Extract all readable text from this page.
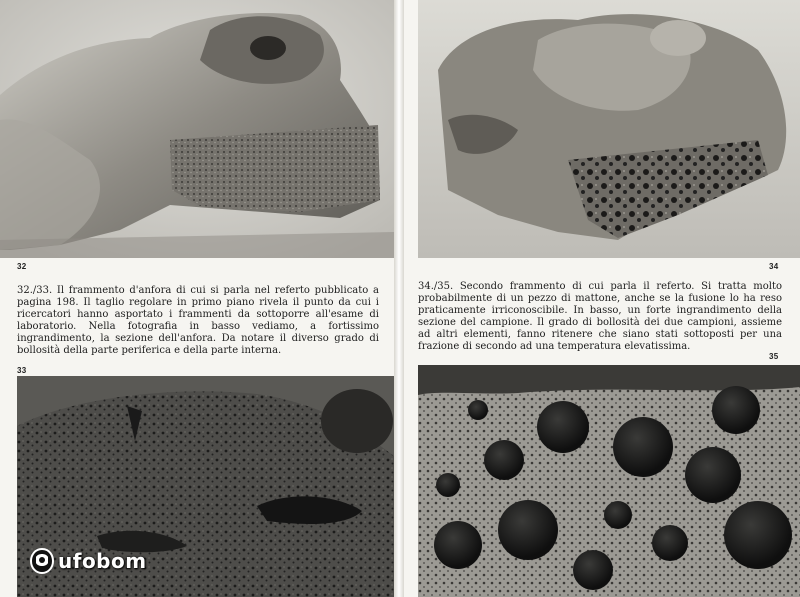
32
32./33. Il frammento d'anfora di cui si parla nel referto pubblicato a pagina 198. Il taglio regolare in primo piano rivela il punto da cui i ricercatori hanno asportato i frammenti da sottoporre all'esame di laboratorio. Nella fotografia in basso vediamo, a fortissimo ingrandimento, la sezione dell'anfora. Da notare il diverso grado di bollosità della parte periferica e della parte interna.
33
ufobom
34
34./35. Secondo frammento di cui parla il referto. Si tratta molto probabilmente di un pezzo di mattone, anche se la fusione lo ha reso praticamente irriconoscibile. In basso, un forte ingrandimento della sezione del campione. Il grado di bollosità dei due campioni, assieme ad altri elementi, fanno ritenere che siano stati sottoposti per una frazione di secondo ad una temperatura elevatissima.
35
